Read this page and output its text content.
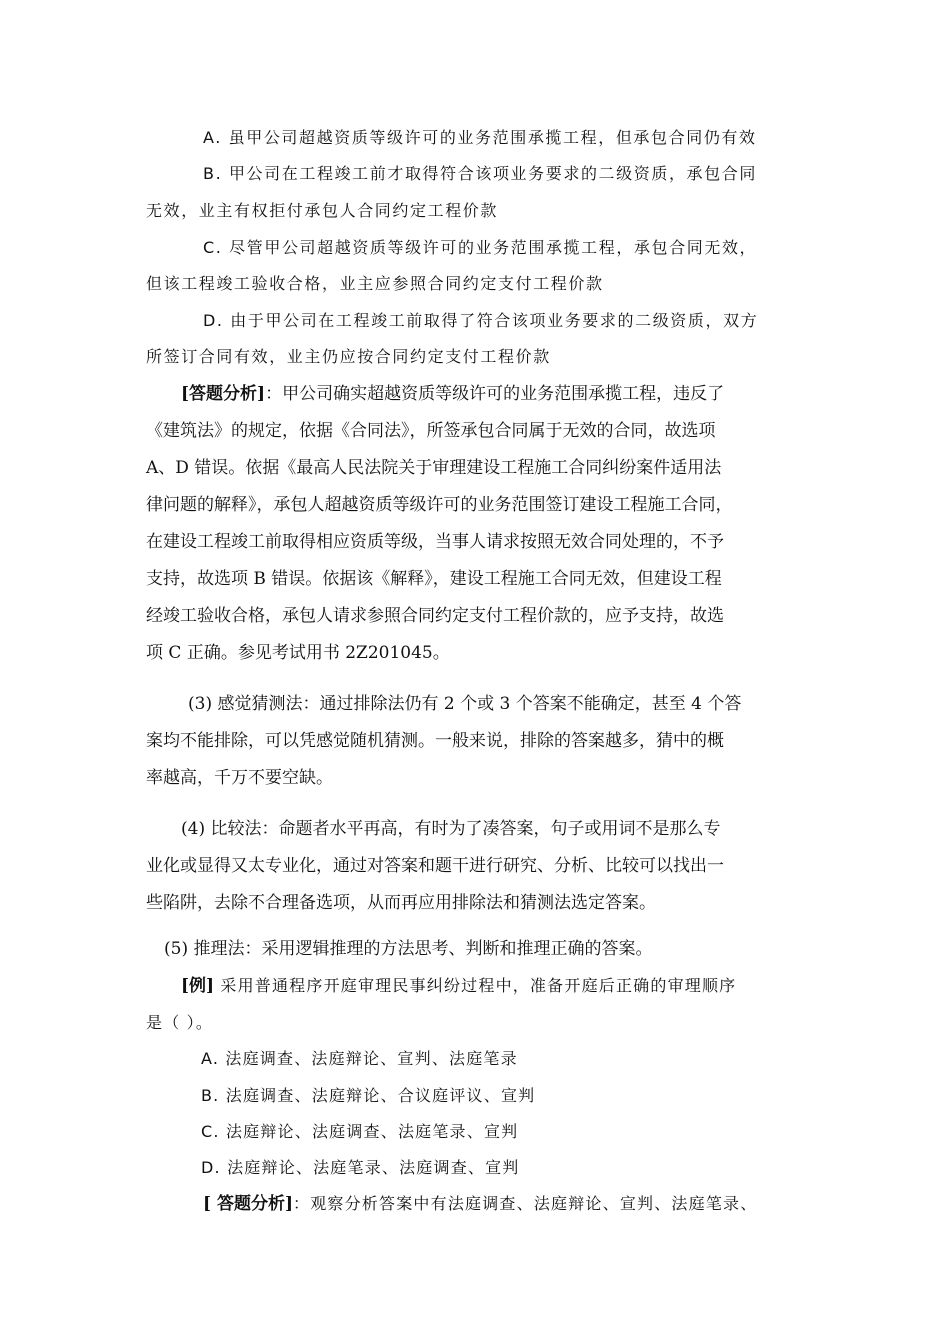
A. 虽甲公司超越资质等级许可的业务范围承揽工程，但承包合同仍有效
B. 甲公司在工程竣工前才取得符合该项业务要求的二级资质，承包合同
无效，业主有权拒付承包人合同约定工程价款
C. 尽管甲公司超越资质等级许可的业务范围承揽工程，承包合同无效，
但该工程竣工验收合格，业主应参照合同约定支付工程价款
D. 由于甲公司在工程竣工前取得了符合该项业务要求的二级资质，双方
所签订合同有效，业主仍应按合同约定支付工程价款
[答题分析]：甲公司确实超越资质等级许可的业务范围承揽工程，违反了
《建筑法》的规定，依据《合同法》，所签承包合同属于无效的合同，故选项
A、D 错误。依据《最高人民法院关于审理建设工程施工合同纠纷案件适用法
律问题的解释》，承包人超越资质等级许可的业务范围签订建设工程施工合同，
在建设工程竣工前取得相应资质等级，当事人请求按照无效合同处理的，不予
支持，故选项 B 错误。依据该《解释》，建设工程施工合同无效，但建设工程
经竣工验收合格，承包人请求参照合同约定支付工程价款的，应予支持，故选
项 C 正确。参见考试用书 2Z201045。
(3) 感觉猜测法：通过排除法仍有 2 个或 3 个答案不能确定，甚至 4 个答
案均不能排除，可以凭感觉随机猜测。一般来说，排除的答案越多，猜中的概
率越高，千万不要空缺。
(4) 比较法：命题者水平再高，有时为了凑答案，句子或用词不是那么专
业化或显得又太专业化，通过对答案和题干进行研究、分析、比较可以找出一
些陷阱，去除不合理备选项，从而再应用排除法和猜测法选定答案。
(5) 推理法：采用逻辑推理的方法思考、判断和推理正确的答案。
[例] 采用普通程序开庭审理民事纠纷过程中，准备开庭后正确的审理顺序
是（ ）。
A. 法庭调查、法庭辩论、宣判、法庭笔录
B. 法庭调查、法庭辩论、合议庭评议、宣判
C. 法庭辩论、法庭调查、法庭笔录、宣判
D. 法庭辩论、法庭笔录、法庭调查、宣判
[ 答题分析]：观察分析答案中有法庭调查、法庭辩论、宣判、法庭笔录、
